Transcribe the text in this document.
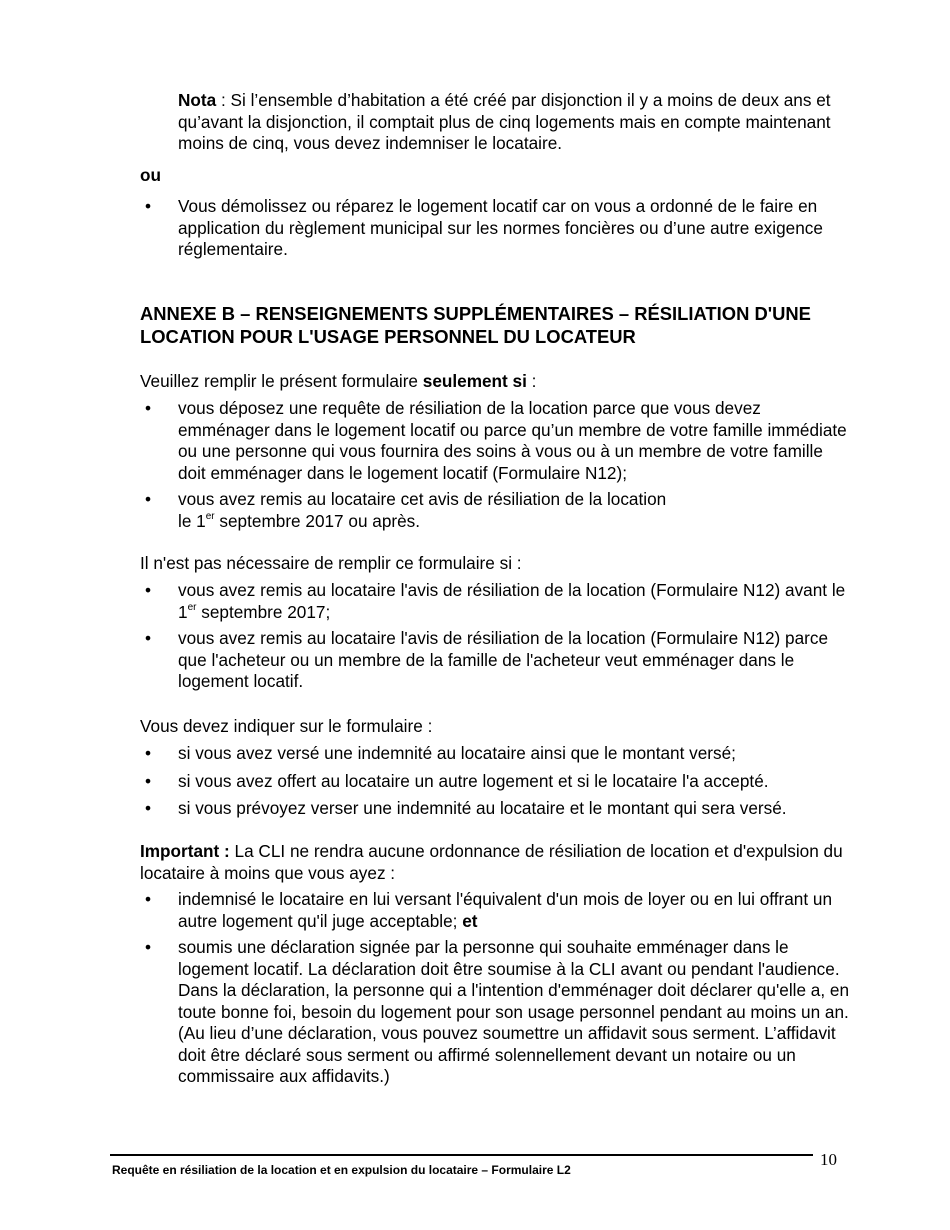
Nota : Si l’ensemble d’habitation a été créé par disjonction il y a moins de deux ans et qu’avant la disjonction, il comptait plus de cinq logements mais en compte maintenant moins de cinq, vous devez indemniser le locataire.
ou
• Vous démolissez ou réparez le logement locatif car on vous a ordonné de le faire en application du règlement municipal sur les normes foncières ou d’une autre exigence réglementaire.
ANNEXE B – RENSEIGNEMENTS SUPPLÉMENTAIRES – RÉSILIATION D'UNE LOCATION POUR L'USAGE PERSONNEL DU LOCATEUR
Veuillez remplir le présent formulaire seulement si :
• vous déposez une requête de résiliation de la location parce que vous devez emménager dans le logement locatif ou parce qu’un membre de votre famille immédiate ou une personne qui vous fournira des soins à vous ou à un membre de votre famille doit emménager dans le logement locatif (Formulaire N12);
• vous avez remis au locataire cet avis de résiliation de la location
le 1er septembre 2017 ou après.
Il n'est pas nécessaire de remplir ce formulaire si :
• vous avez remis au locataire l'avis de résiliation de la location (Formulaire N12) avant le 1er septembre 2017;
• vous avez remis au locataire l'avis de résiliation de la location (Formulaire N12) parce que l'acheteur ou un membre de la famille de l'acheteur veut emménager dans le logement locatif.
Vous devez indiquer sur le formulaire :
• si vous avez versé une indemnité au locataire ainsi que le montant versé;
• si vous avez offert au locataire un autre logement et si le locataire l'a accepté.
• si vous prévoyez verser une indemnité au locataire et le montant qui sera versé.
Important : La CLI ne rendra aucune ordonnance de résiliation de location et d'expulsion du locataire à moins que vous ayez :
• indemnisé le locataire en lui versant l'équivalent d'un mois de loyer ou en lui offrant un autre logement qu'il juge acceptable; et
• soumis une déclaration signée par la personne qui souhaite emménager dans le logement locatif. La déclaration doit être soumise à la CLI avant ou pendant l'audience. Dans la déclaration, la personne qui a l'intention d'emménager doit déclarer qu'elle a, en toute bonne foi, besoin du logement pour son usage personnel pendant au moins un an. (Au lieu d’une déclaration, vous pouvez soumettre un affidavit sous serment. L’affidavit doit être déclaré sous serment ou affirmé solennellement devant un notaire ou un commissaire aux affidavits.)
Requête en résiliation de la location et en expulsion du locataire – Formulaire L2
10
